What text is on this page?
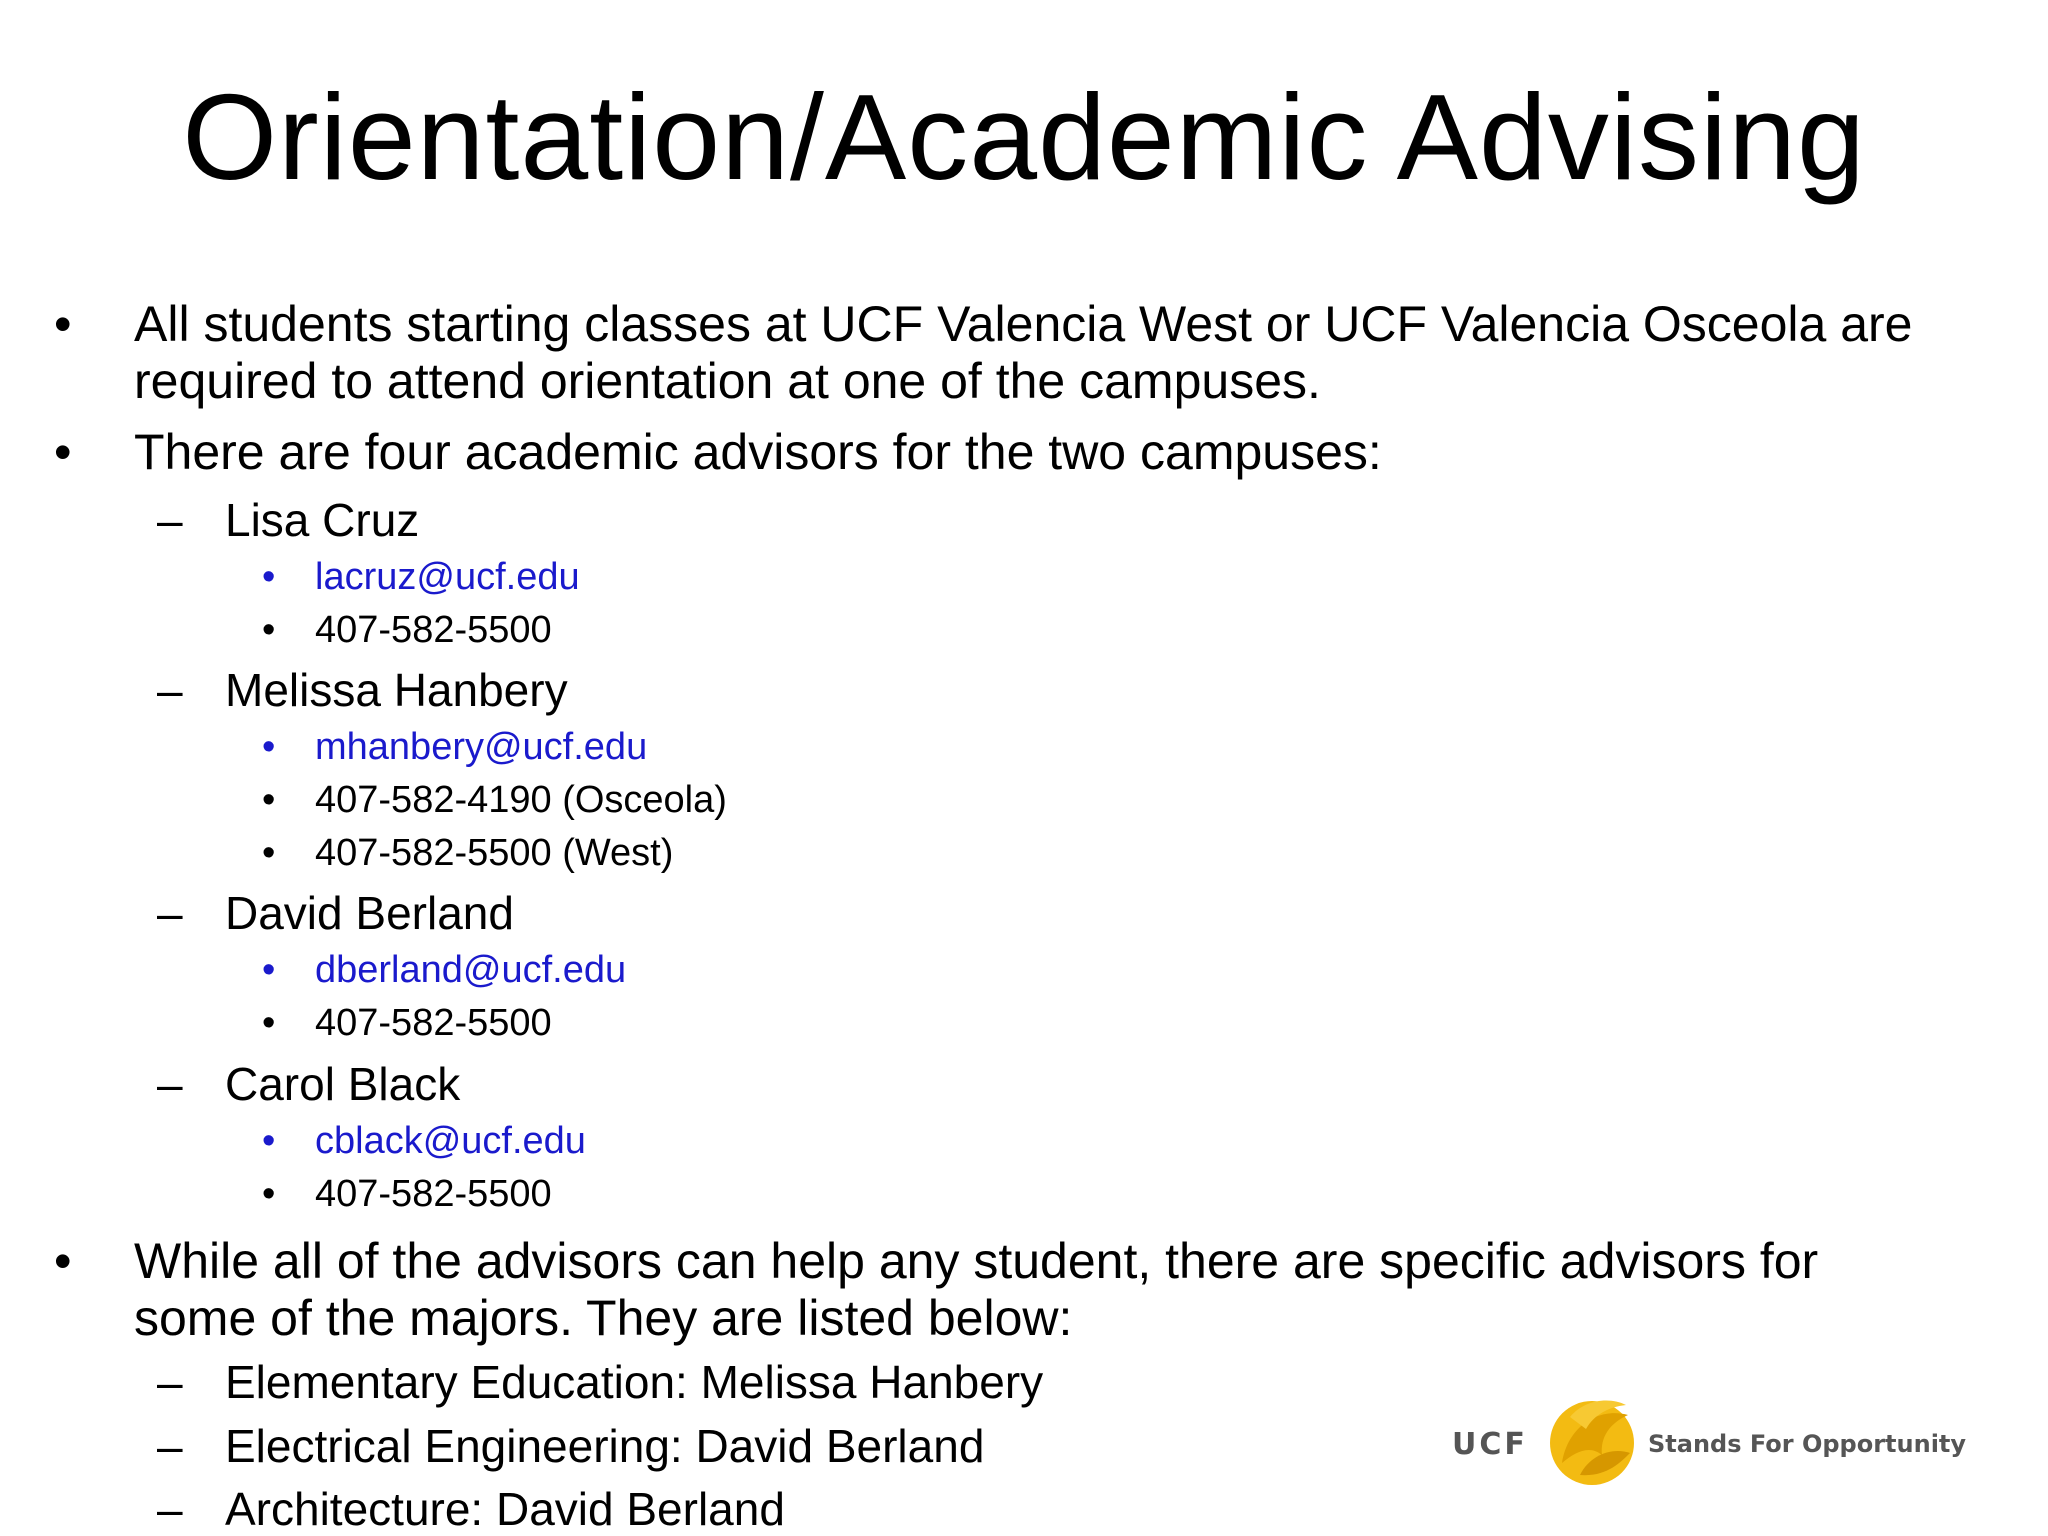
Orientation/Academic Advising
• All students starting classes at UCF Valencia West or UCF Valencia Osceola are
required to attend orientation at one of the campuses.
• There are four academic advisors for the two campuses:
– Lisa Cruz
• lacruz@ucf.edu
• 407-582-5500
– Melissa Hanbery
• mhanbery@ucf.edu
• 407-582-4190 (Osceola)
• 407-582-5500 (West)
– David Berland
• dberland@ucf.edu
• 407-582-5500
– Carol Black
• cblack@ucf.edu
• 407-582-5500
• While all of the advisors can help any student, there are specific advisors for
some of the majors. They are listed below:
– Elementary Education: Melissa Hanbery
– Electrical Engineering: David Berland
– Architecture: David Berland
UCF	Stands For Opportunity
